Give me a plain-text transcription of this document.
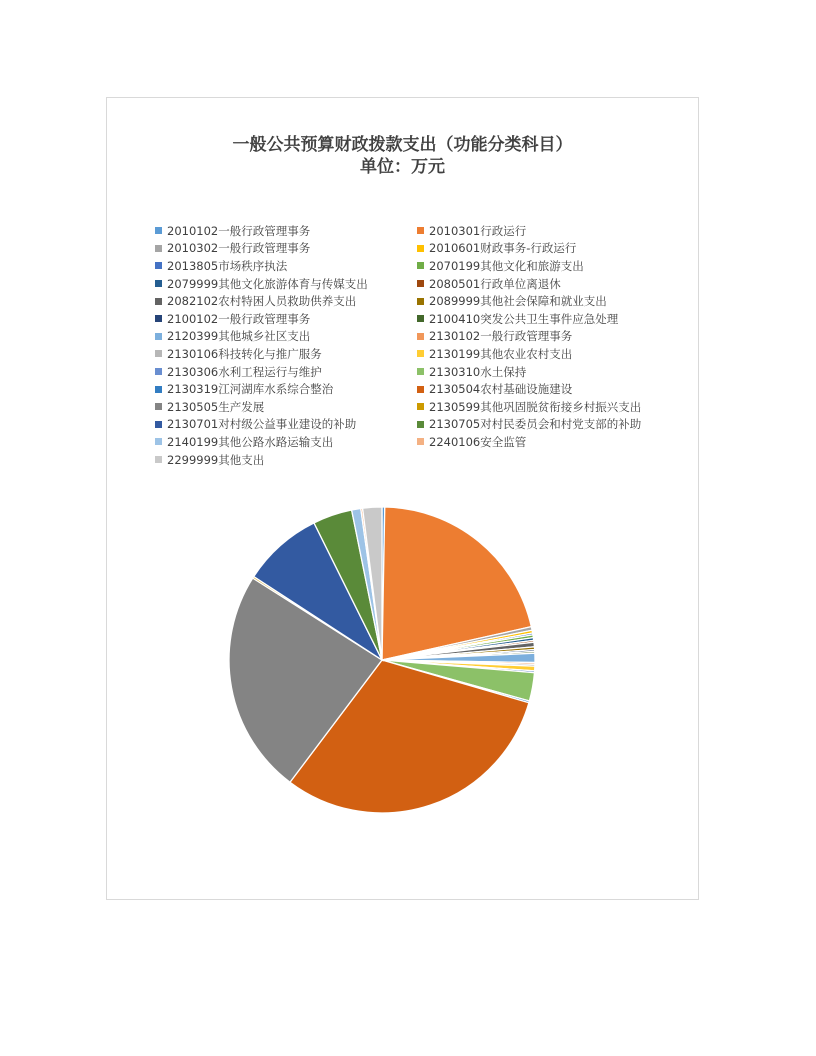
一般公共预算财政拨款支出（功能分类科目）
单位：万元
2010102一般行政管理事务	2010301行政运行
2010302一般行政管理事务	2010601财政事务-行政运行
2013805市场秩序执法	2070199其他文化和旅游支出
2079999其他文化旅游体育与传媒支出	2080501行政单位离退休
2082102农村特困人员救助供养支出	2089999其他社会保障和就业支出
2100102一般行政管理事务	2100410突发公共卫生事件应急处理
2120399其他城乡社区支出	2130102一般行政管理事务
2130106科技转化与推广服务	2130199其他农业农村支出
2130306水利工程运行与维护	2130310水土保持
2130319江河湖库水系综合整治	2130504农村基础设施建设
2130505生产发展	2130599其他巩固脱贫衔接乡村振兴支出
2130701对村级公益事业建设的补助	2130705对村民委员会和村党支部的补助
2140199其他公路水路运输支出	2240106安全监管
2299999其他支出
